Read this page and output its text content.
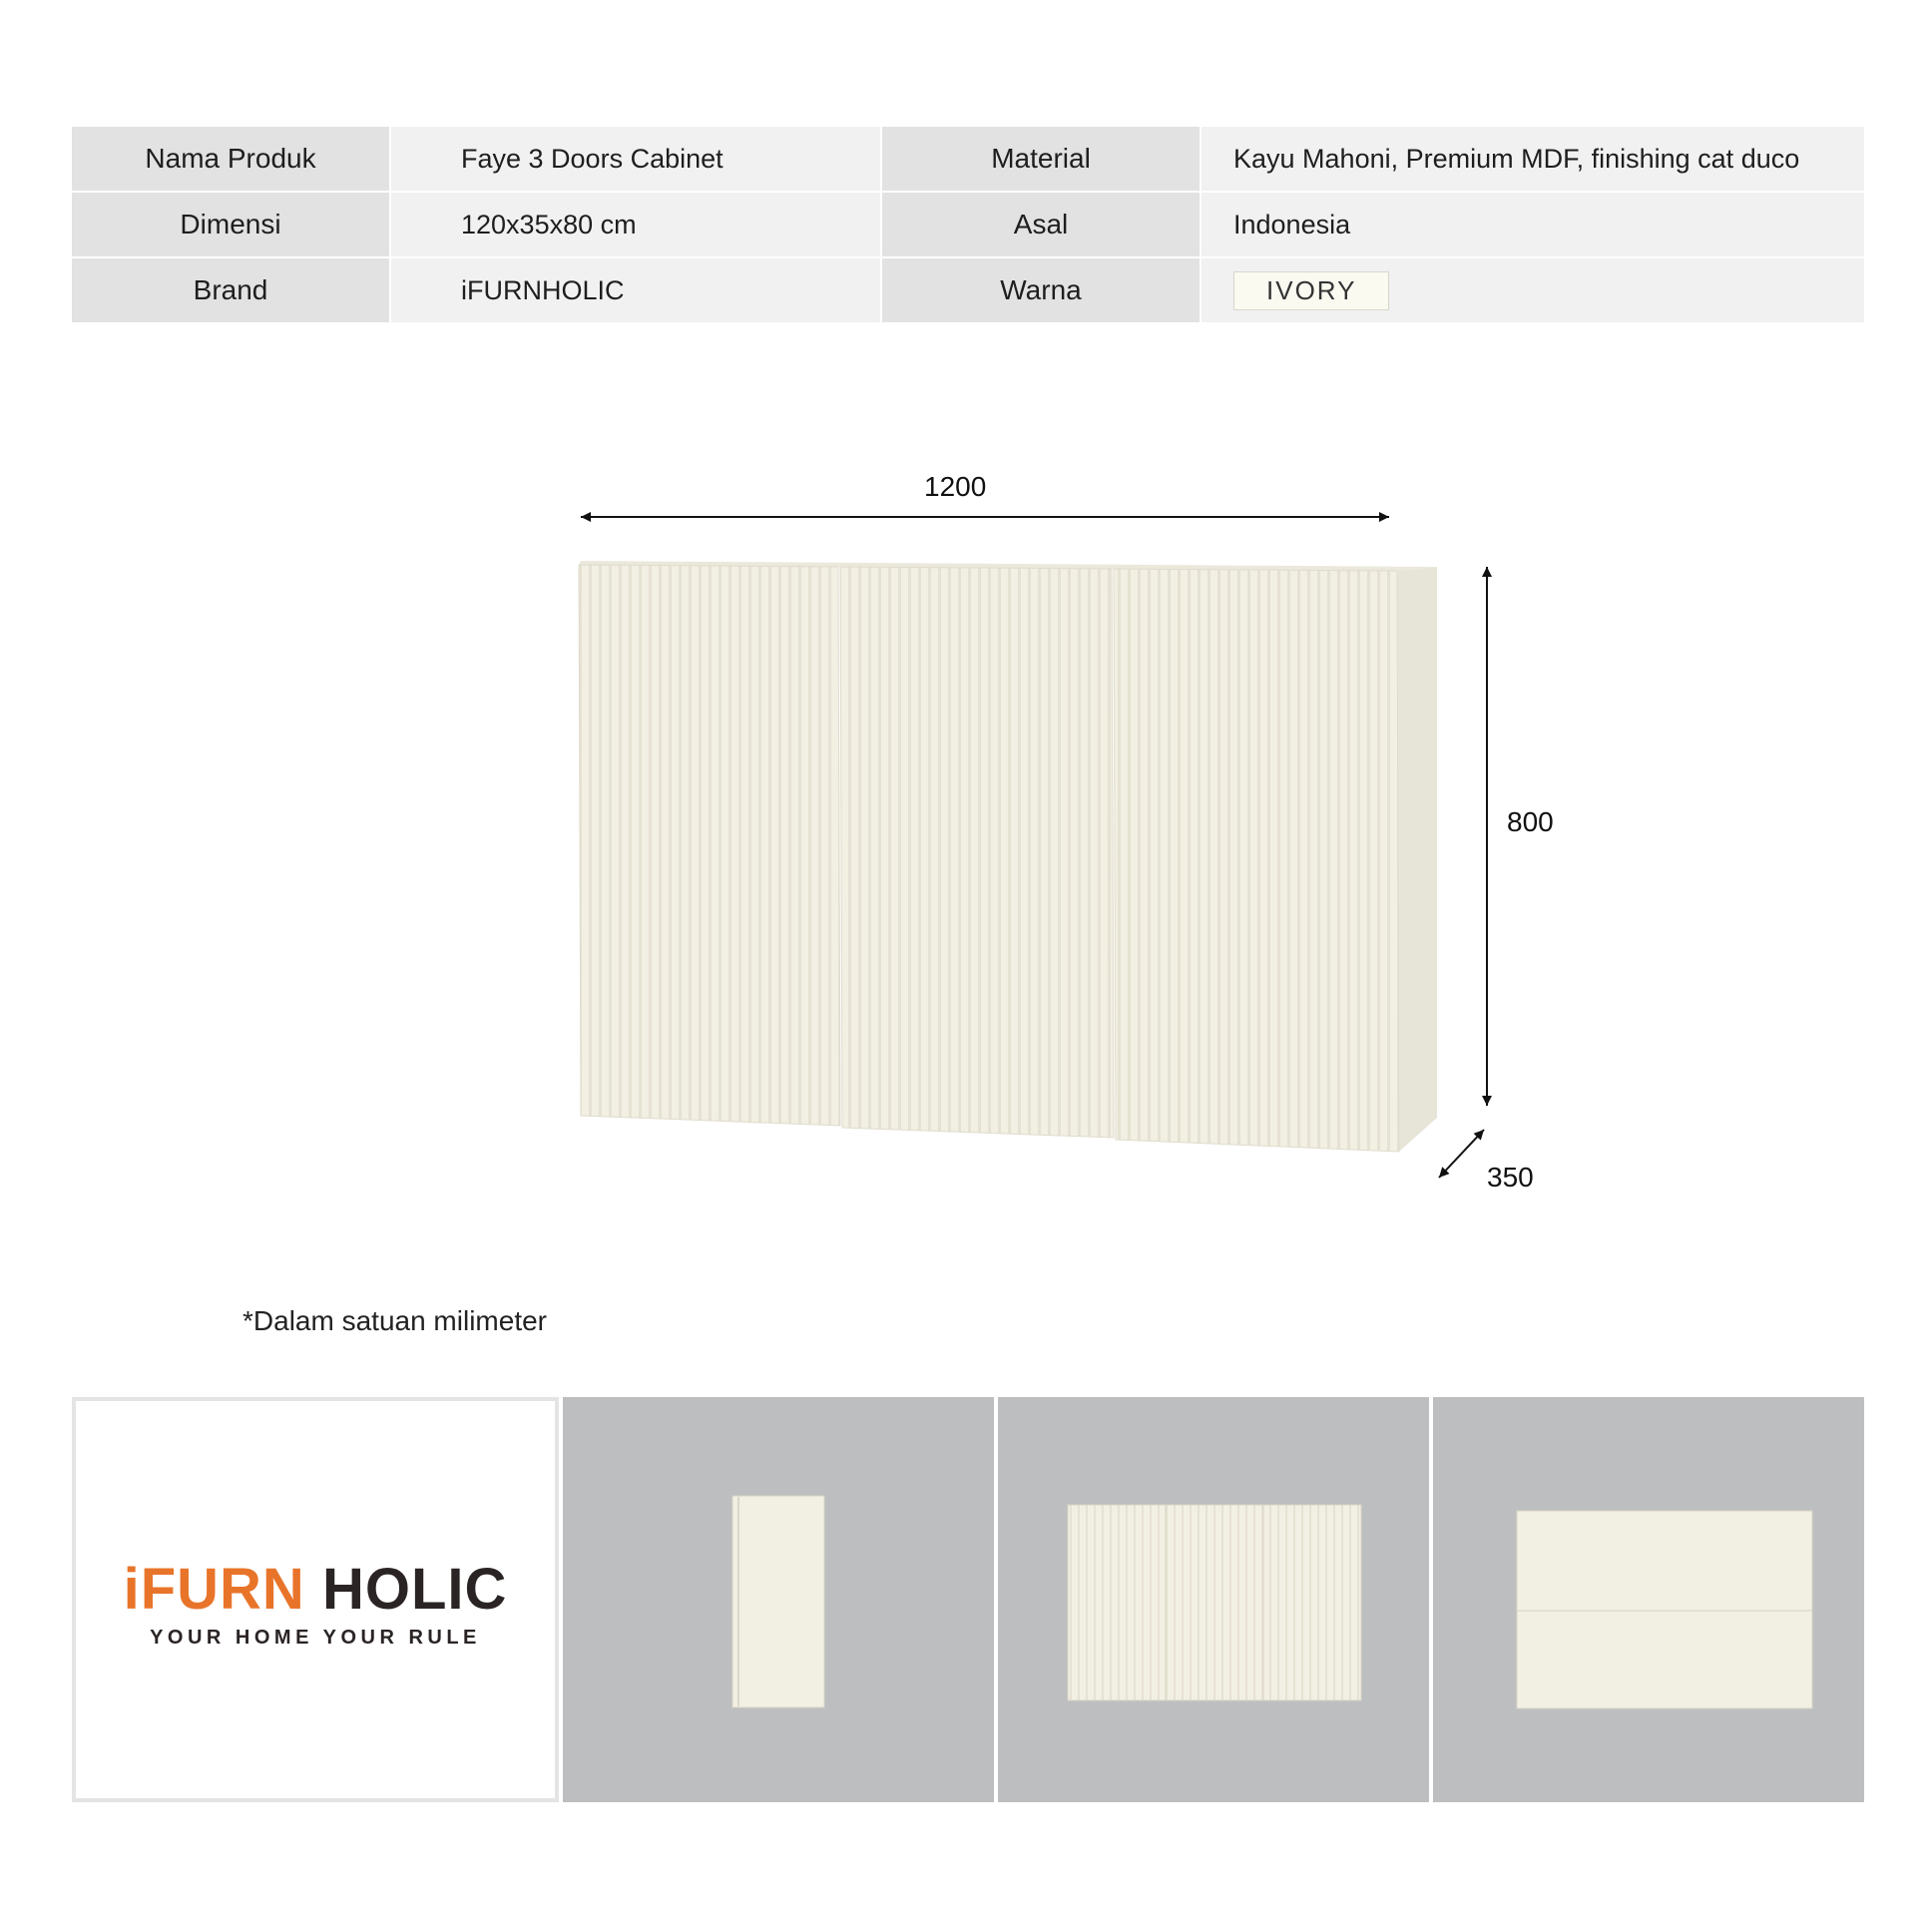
Nama Produk	Faye 3 Doors Cabinet	Material	Kayu Mahoni, Premium MDF, finishing cat duco
Dimensi	120x35x80 cm	Asal	Indonesia
Brand	iFURNHOLIC	Warna	IVORY
1200
800
350
*Dalam satuan milimeter
iFURN HOLIC
YOUR HOME YOUR RULE
